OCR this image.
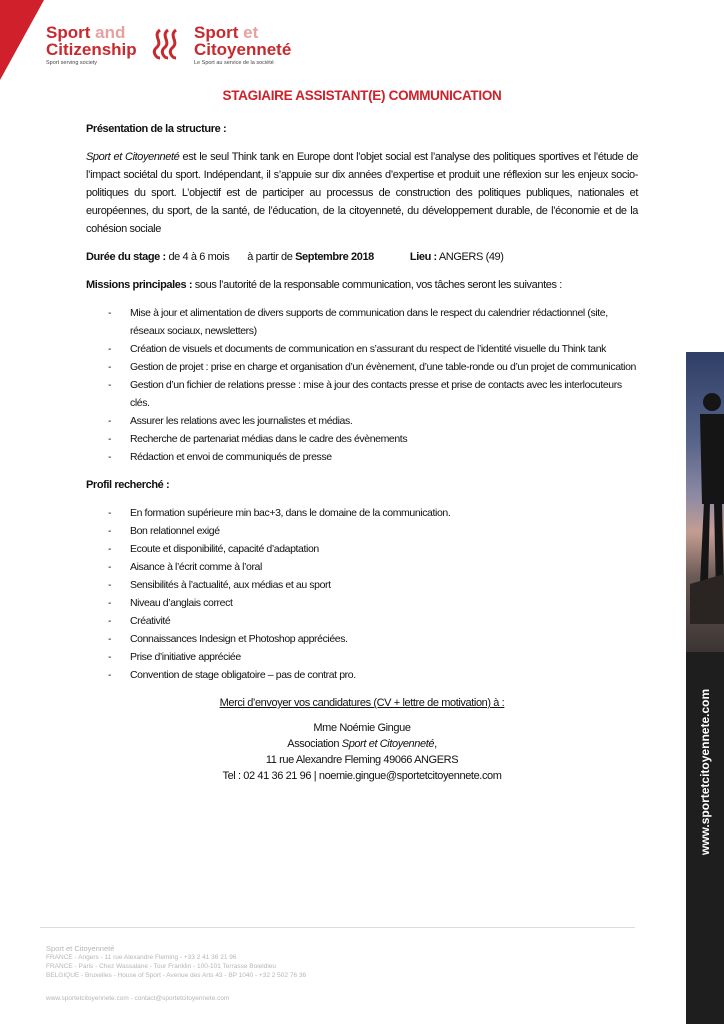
Sport and
Citizenship
Sport serving society
Sport et
Citoyenneté
Le Sport au service de la société
STAGIAIRE ASSISTANT(E) COMMUNICATION

Présentation de la structure :

Sport et Citoyenneté est le seul Think tank en Europe dont l’objet social est l’analyse des politiques sportives et l’étude de l’impact sociétal du sport. Indépendant, il s’appuie sur dix années d’expertise et produit une réflexion sur les enjeux socio-politiques du sport. L’objectif est de participer au processus de construction des politiques publiques, nationales et européennes, du sport, de la santé, de l’éducation, de la citoyenneté, du développement durable, de l’économie et de la cohésion sociale

Durée du stage : de 4 à 6 mois à partir de Septembre 2018	Lieu : ANGERS (49)

Missions principales : sous l’autorité de la responsable communication, vos tâches seront les suivantes :

- Mise à jour et alimentation de divers supports de communication dans le respect du calendrier rédactionnel (site, réseaux sociaux, newsletters)
- Création de visuels et documents de communication en s’assurant du respect de l’identité visuelle du Think tank
- Gestion de projet : prise en charge et organisation d’un évènement, d’une table-ronde ou d’un projet de communication
- Gestion d’un fichier de relations presse : mise à jour des contacts presse et prise de contacts avec les interlocuteurs clés.
- Assurer les relations avec les journalistes et médias.
- Recherche de partenariat médias dans le cadre des évènements
- Rédaction et envoi de communiqués de presse

Profil recherché :

- En formation supérieure min bac+3, dans le domaine de la communication.
- Bon relationnel exigé
- Ecoute et disponibilité, capacité d’adaptation
- Aisance à l’écrit comme à l’oral
- Sensibilités à l’actualité, aux médias et au sport
- Niveau d’anglais correct
- Créativité
- Connaissances Indesign et Photoshop appréciées.
- Prise d’initiative appréciée
- Convention de stage obligatoire – pas de contrat pro.

Merci d’envoyer vos candidatures (CV + lettre de motivation) à :

Mme Noémie Gingue
Association Sport et Citoyenneté,
11 rue Alexandre Fleming 49066 ANGERS
Tel : 02 41 36 21 96 | noemie.gingue@sportetcitoyennete.com
Sport et Citoyenneté
FRANCE - Angers - 11 rue Alexandre Fleming - +33 2 41 36 21 96
FRANCE - Paris - Chez Wassalane - Tour Franklin - 100-101 Terrasse Boieldieu
BELGIQUE - Bruxelles - House of Sport - Avenue des Arts 43 - BP 1040 - +32 2 502 76 36
www.sportetcitoyennete.com - contact@sportetcitoyennete.com
www.sportetcitoyennete.com
